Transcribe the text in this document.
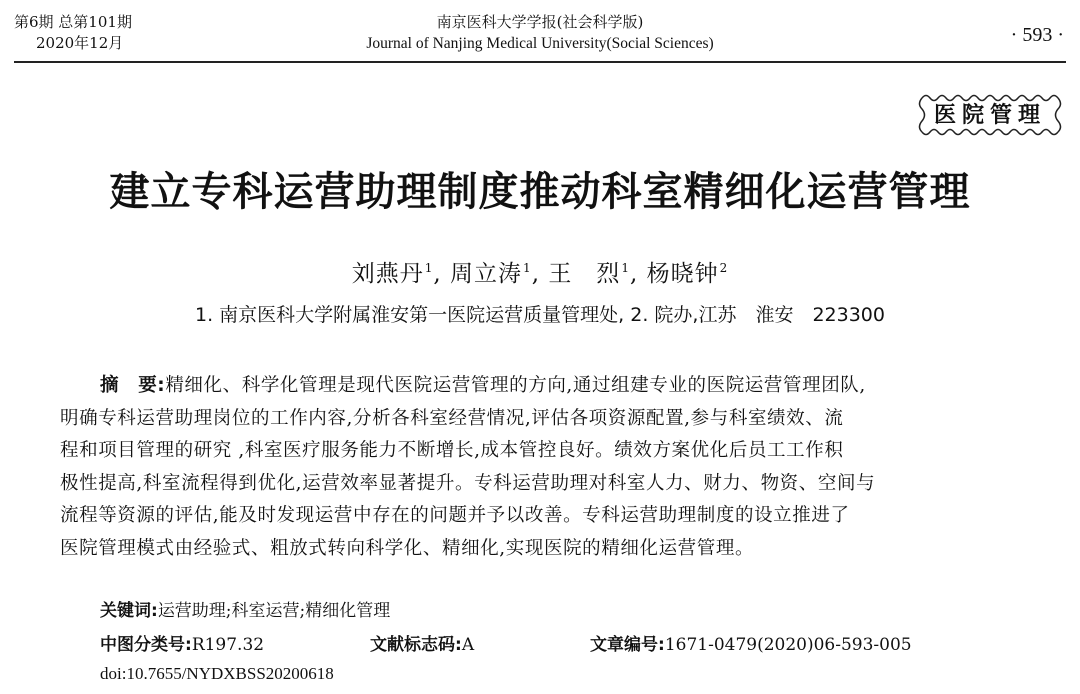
第6期 总第101期
2020年12月
南京医科大学学报(社会科学版)
Journal of Nanjing Medical University(Social Sciences)	· 593 ·
医院管理
建立专科运营助理制度推动科室精细化运营管理
刘燕丹$^1$, 周立涛$^1$, 王　烈$^1$, 杨晓钟$^2$
1. 南京医科大学附属淮安第一医院运营质量管理处, 2. 院办,江苏　淮安　223300
摘　要:精细化、科学化管理是现代医院运营管理的方向,通过组建专业的医院运营管理团队,
明确专科运营助理岗位的工作内容,分析各科室经营情况,评估各项资源配置,参与科室绩效、流
程和项目管理的研究 ,科室医疗服务能力不断增长,成本管控良好。绩效方案优化后员工工作积
极性提高,科室流程得到优化,运营效率显著提升。专科运营助理对科室人力、财力、物资、空间与
流程等资源的评估,能及时发现运营中存在的问题并予以改善。专科运营助理制度的设立推进了
医院管理模式由经验式、粗放式转向科学化、精细化,实现医院的精细化运营管理。
关键词:运营助理;科室运营;精细化管理
中图分类号:R197.32	文献标志码:A	文章编号:1671-0479(2020)06-593-005
doi:10.7655/NYDXBSS20200618
